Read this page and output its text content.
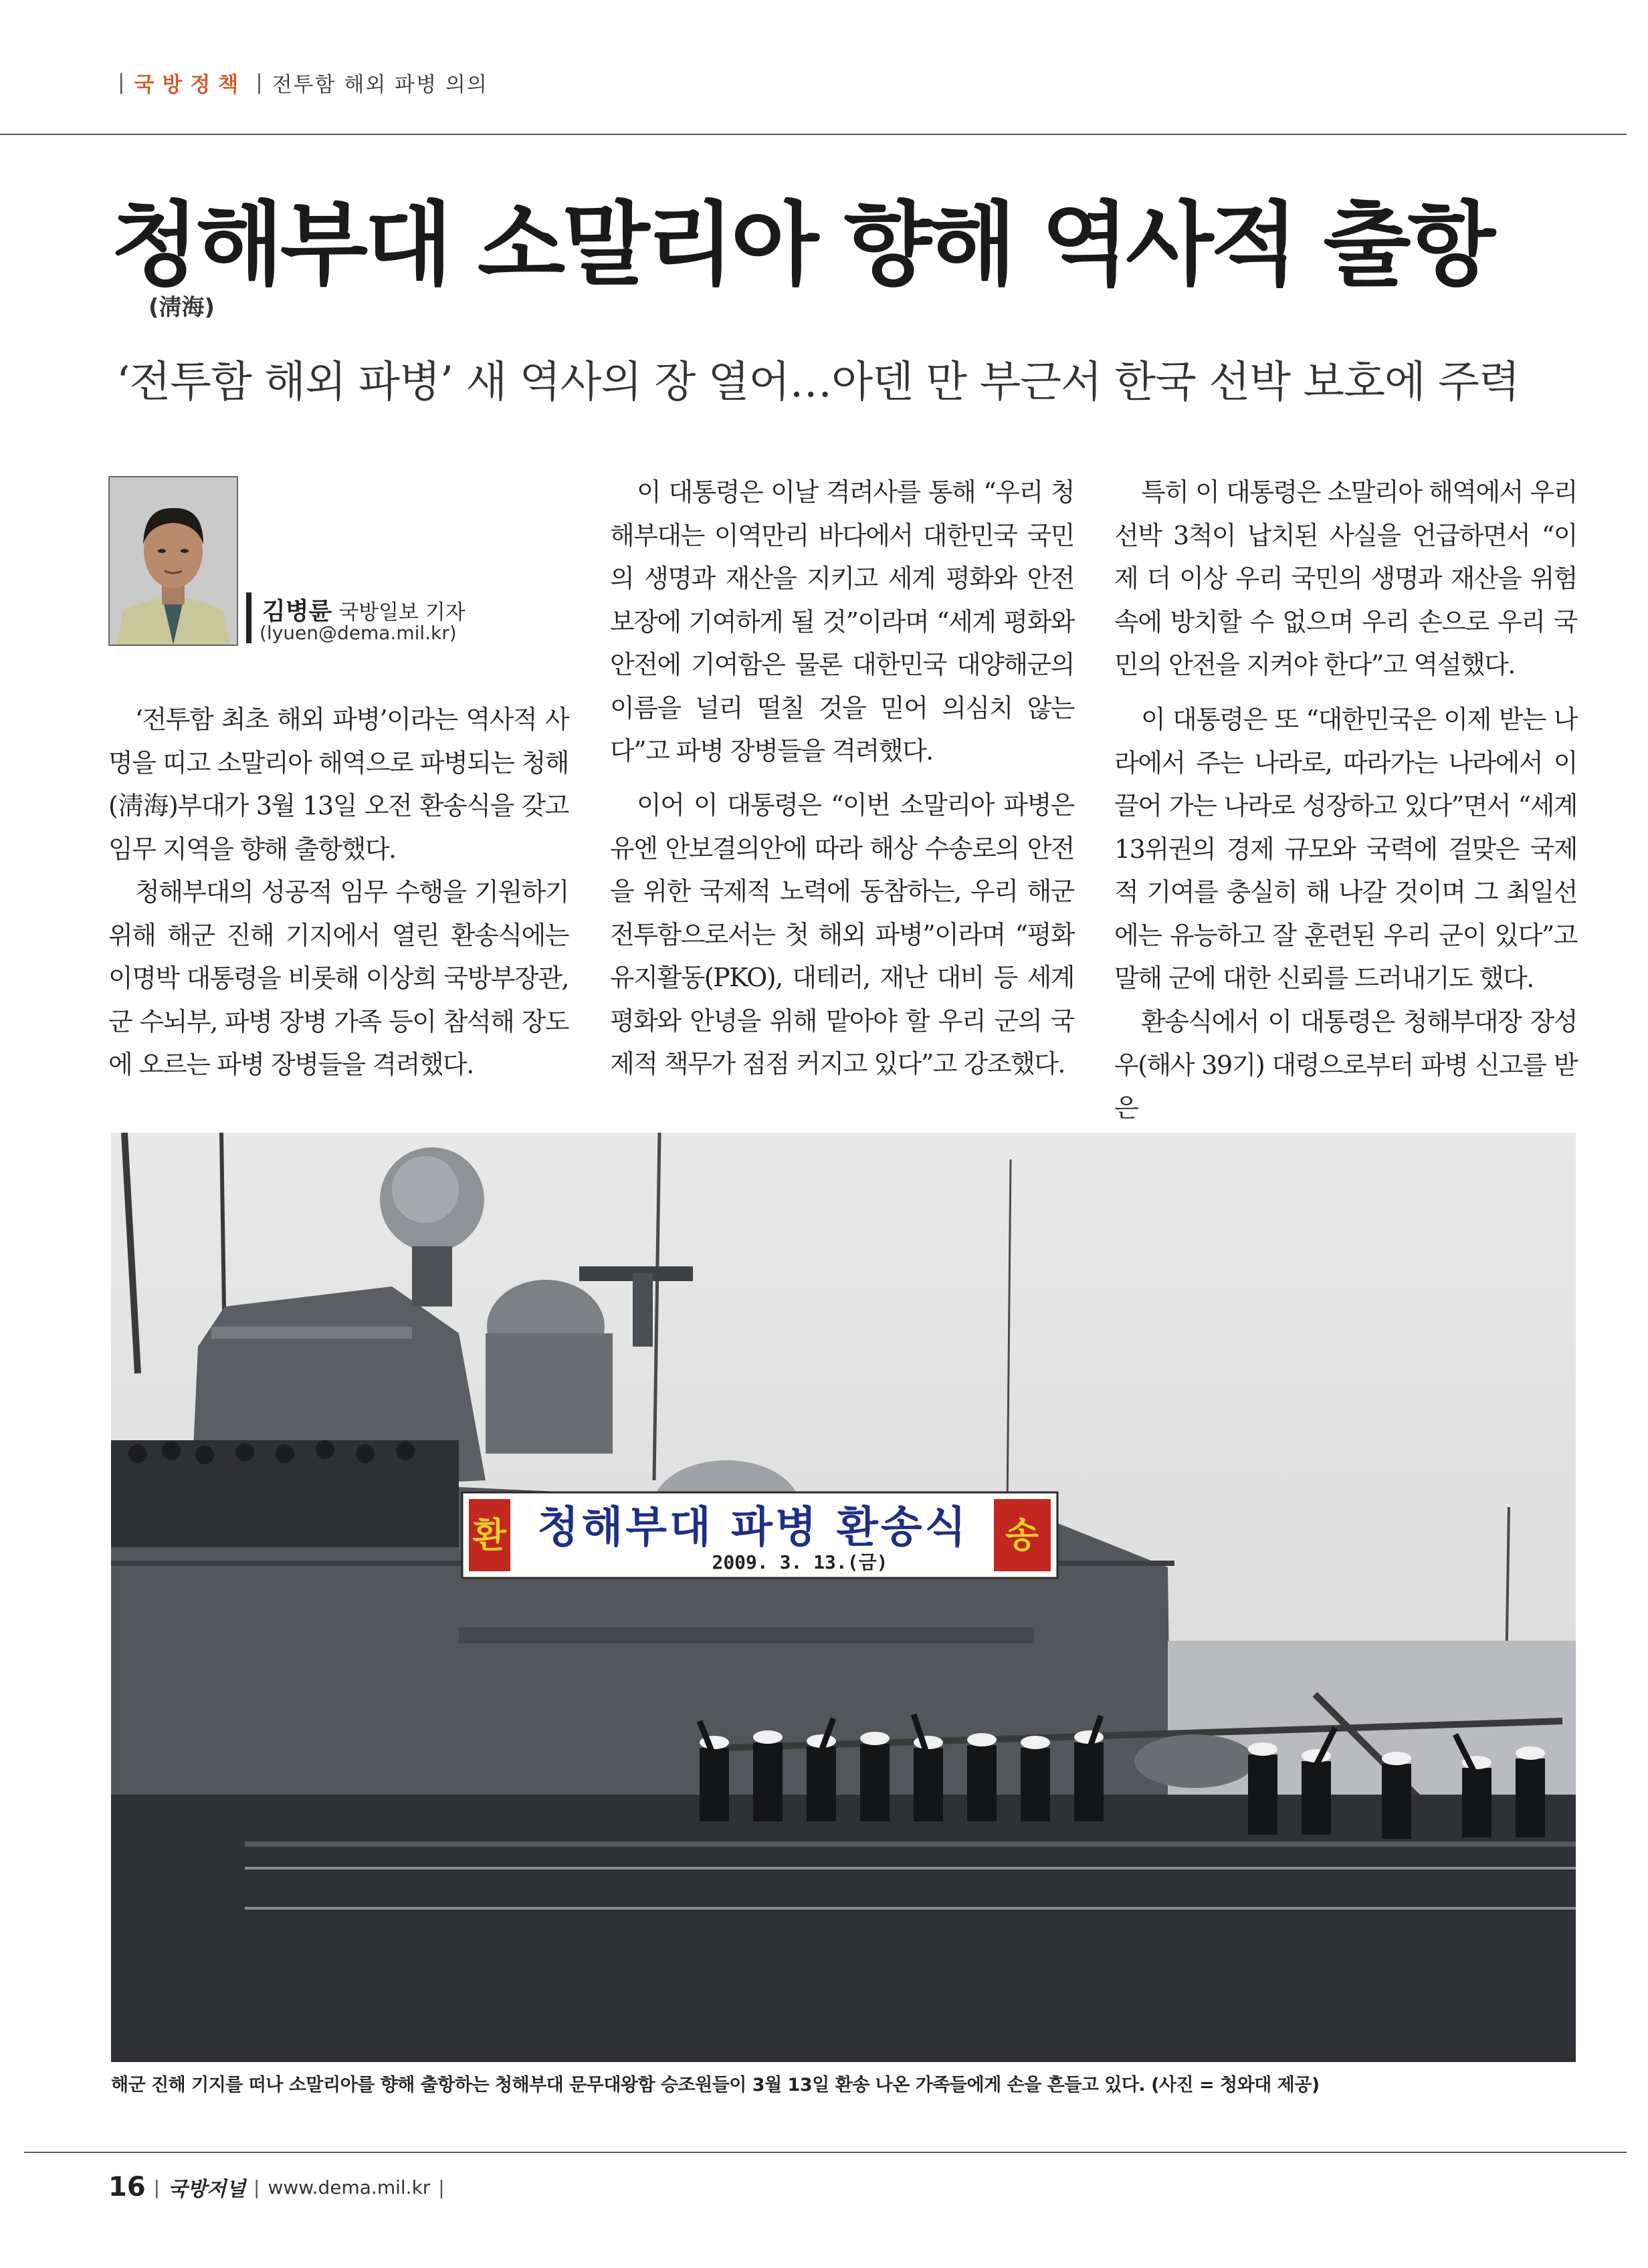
| 국방정책 | 전투함 해외 파병 의의
청해부대 소말리아 향해 역사적 출항
(淸海)
‘전투함 해외 파병’ 새 역사의 장 열어…아덴 만 부근서 한국 선박 보호에 주력
김병륜 국방일보 기자
(lyuen@dema.mil.kr)

‘전투함 최초 해외 파병’이라는 역사적 사명을 띠고 소말리아 해역으로 파병되는 청해(淸海)부대가 3월 13일 오전 환송식을 갖고 임무 지역을 향해 출항했다.

청해부대의 성공적 임무 수행을 기원하기 위해 해군 진해 기지에서 열린 환송식에는 이명박 대통령을 비롯해 이상희 국방부장관, 군 수뇌부, 파병 장병 가족 등이 참석해 장도에 오르는 파병 장병들을 격려했다.

이 대통령은 이날 격려사를 통해 “우리 청해부대는 이역만리 바다에서 대한민국 국민의 생명과 재산을 지키고 세계 평화와 안전 보장에 기여하게 될 것”이라며 “세계 평화와 안전에 기여함은 물론 대한민국 대양해군의 이름을 널리 떨칠 것을 믿어 의심치 않는다”고 파병 장병들을 격려했다.

이어 이 대통령은 “이번 소말리아 파병은 유엔 안보결의안에 따라 해상 수송로의 안전을 위한 국제적 노력에 동참하는, 우리 해군 전투함으로서는 첫 해외 파병”이라며 “평화유지활동(PKO), 대테러, 재난 대비 등 세계 평화와 안녕을 위해 맡아야 할 우리 군의 국제적 책무가 점점 커지고 있다”고 강조했다.

특히 이 대통령은 소말리아 해역에서 우리 선박 3척이 납치된 사실을 언급하면서 “이제 더 이상 우리 국민의 생명과 재산을 위험 속에 방치할 수 없으며 우리 손으로 우리 국민의 안전을 지켜야 한다”고 역설했다.

이 대통령은 또 “대한민국은 이제 받는 나라에서 주는 나라로, 따라가는 나라에서 이끌어 가는 나라로 성장하고 있다”면서 “세계 13위권의 경제 규모와 국력에 걸맞은 국제적 기여를 충실히 해 나갈 것이며 그 최일선에는 유능하고 잘 훈련된 우리 군이 있다”고 말해 군에 대한 신뢰를 드러내기도 했다.

환송식에서 이 대통령은 청해부대장 장성우(해사 39기) 대령으로부터 파병 신고를 받은

환	송
청해부대 파병 환송식
2009. 3. 13.(금)
해군 진해 기지를 떠나 소말리아를 향해 출항하는 청해부대 문무대왕함 승조원들이 3월 13일 환송 나온 가족들에게 손을 흔들고 있다. (사진 = 청와대 제공)
16 | 국방저널 | www.dema.mil.kr |
